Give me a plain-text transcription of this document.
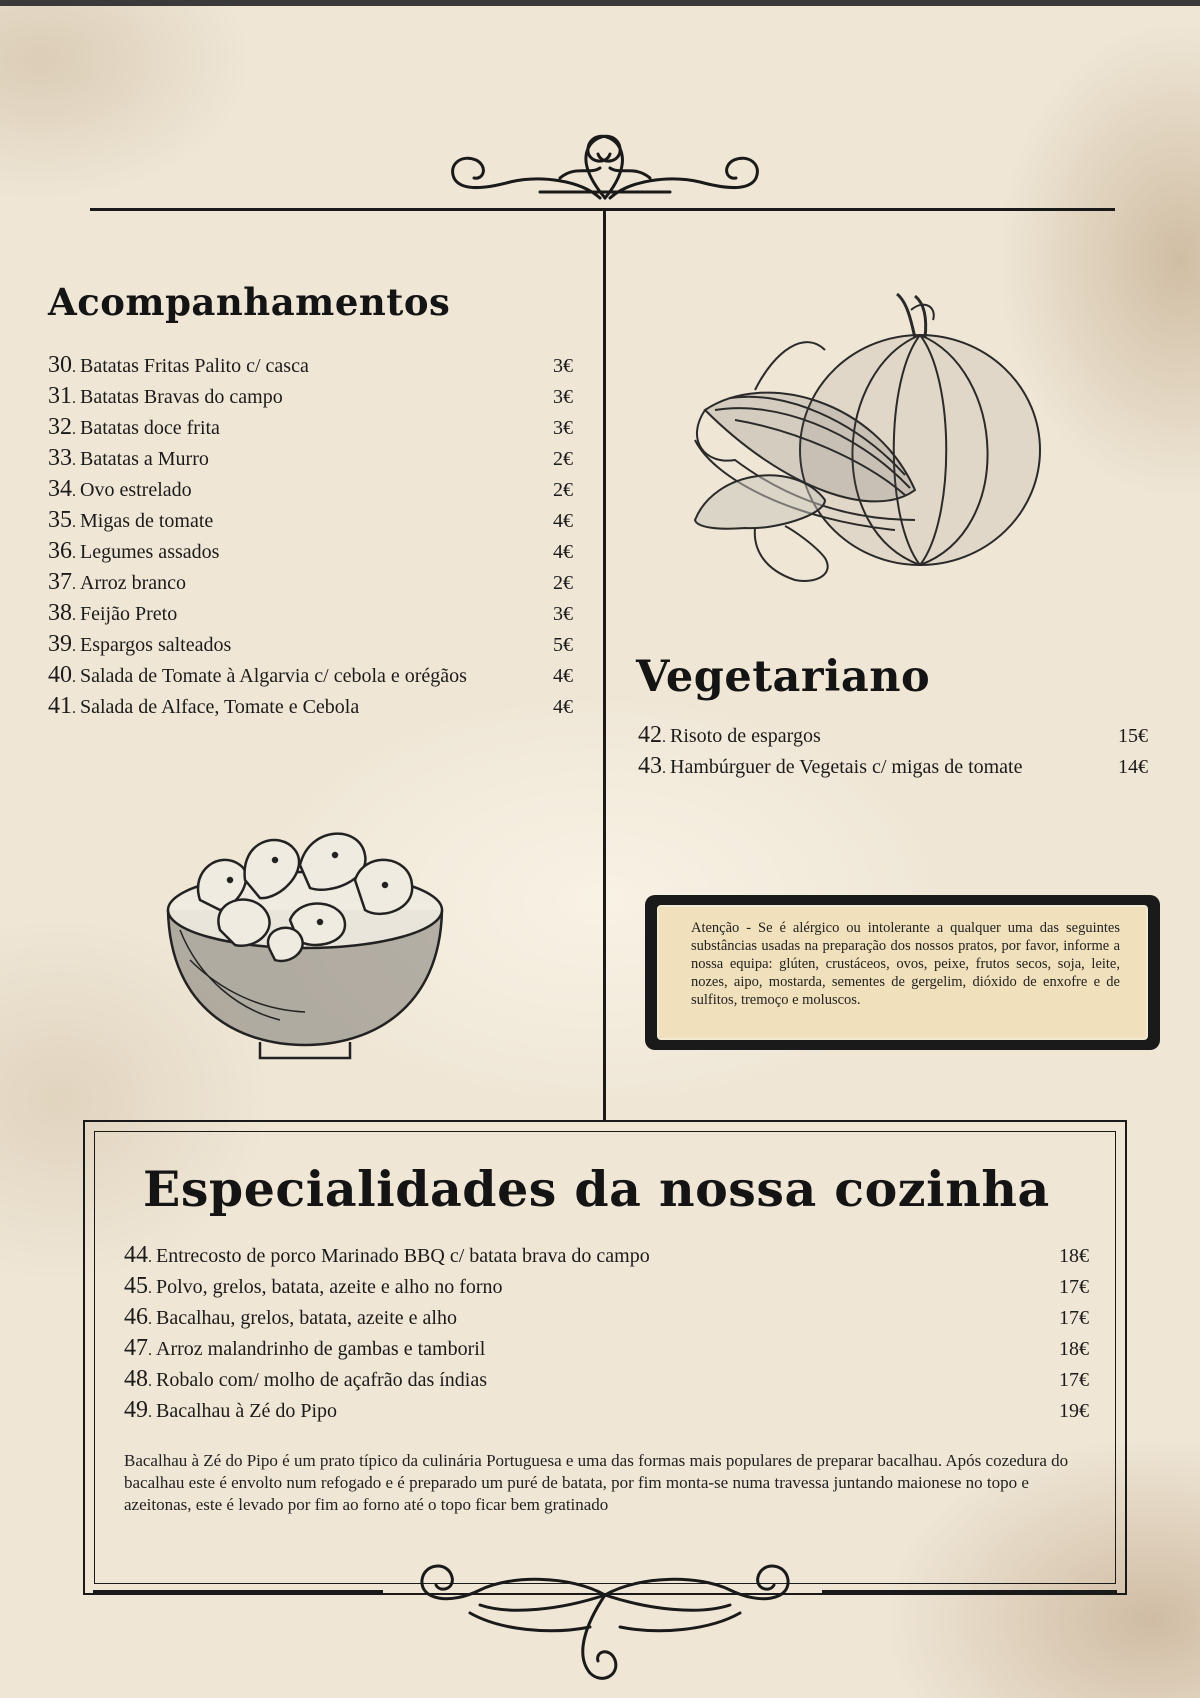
Acompanhamentos
30. Batatas Fritas Palito c/ casca	3€
31. Batatas Bravas do campo	3€
32. Batatas doce frita	3€
33. Batatas a Murro	2€
34. Ovo estrelado	2€
35. Migas de tomate	4€
36. Legumes assados	4€
37. Arroz branco	2€
38. Feijão Preto	3€
39. Espargos salteados	5€
40. Salada de Tomate à Algarvia c/ cebola e orégãos	4€
41. Salada de Alface, Tomate e Cebola	4€
Vegetariano
42. Risoto de espargos	15€
43. Hambúrguer de Vegetais c/ migas de tomate	14€

Atenção - Se é alérgico ou intolerante a qualquer uma das seguintes substâncias usadas na preparação dos nossos pratos, por favor, informe a nossa equipa: glúten, crustáceos, ovos, peixe, frutos secos, soja, leite, nozes, aipo, mostarda, sementes de gergelim, dióxido de enxofre e de sulfitos, tremoço e moluscos.

Especialidades da nossa cozinha
44. Entrecosto de porco Marinado BBQ c/ batata brava do campo	18€
45. Polvo, grelos, batata, azeite e alho no forno	17€
46. Bacalhau, grelos, batata, azeite e alho	17€
47. Arroz malandrinho de gambas e tamboril	18€
48. Robalo com/ molho de açafrão das índias	17€
49. Bacalhau à Zé do Pipo	19€

Bacalhau à Zé do Pipo é um prato típico da culinária Portuguesa e uma das formas mais populares de preparar bacalhau. Após cozedura do bacalhau este é envolto num refogado e é preparado um puré de batata, por fim monta-se numa travessa juntando maionese no topo e azeitonas, este é levado por fim ao forno até o topo ficar bem gratinado
